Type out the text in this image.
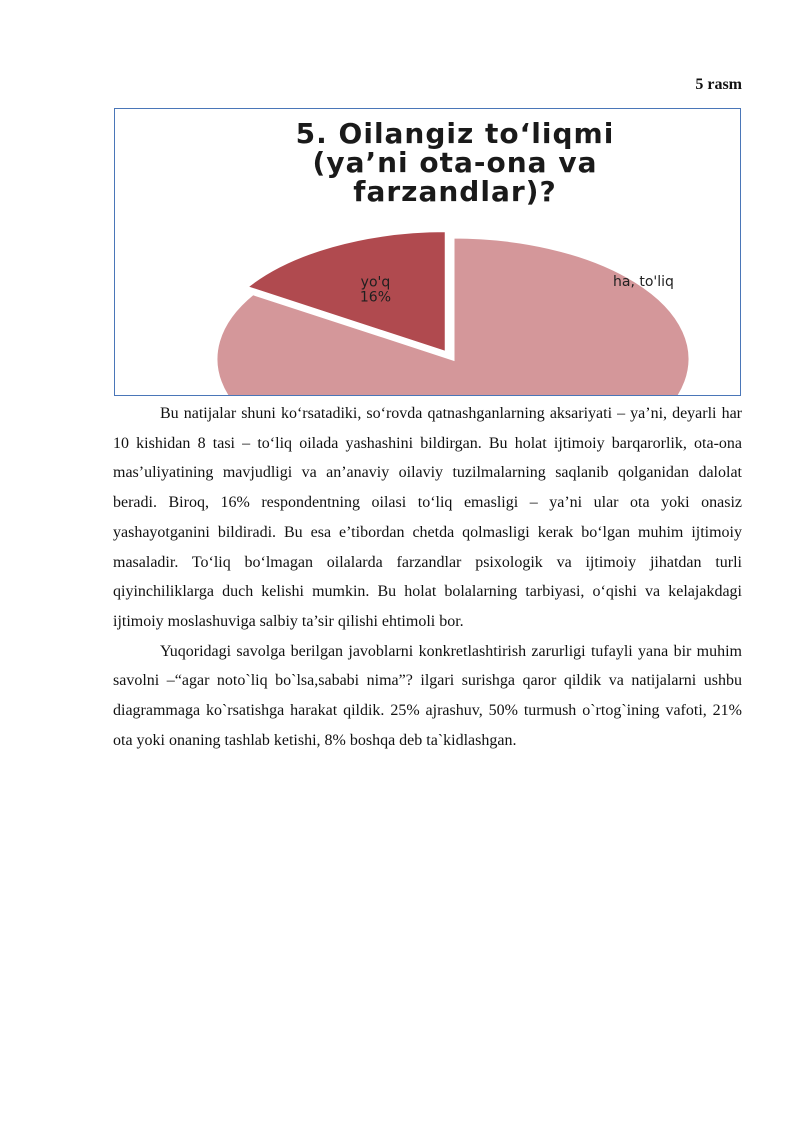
5 rasm
yo'q
16%
5. Oilangiz to‘liqmi (ya’ni ota-ona va farzandlar)?
ha, to'liq

Bu natijalar shuni ko‘rsatadiki, so‘rovda qatnashganlarning aksariyati – ya’ni, deyarli har 10 kishidan 8 tasi – to‘liq oilada yashashini bildirgan. Bu holat ijtimoiy barqarorlik, ota-ona mas’uliyatining mavjudligi va an’anaviy oilaviy tuzilmalarning saqlanib qolganidan dalolat beradi. Biroq, 16% respondentning oilasi to‘liq emasligi – ya’ni ular ota yoki onasiz yashayotganini bildiradi. Bu esa e’tibordan chetda qolmasligi kerak bo‘lgan muhim ijtimoiy masaladir. To‘liq bo‘lmagan oilalarda farzandlar psixologik va ijtimoiy jihatdan turli qiyinchiliklarga duch kelishi mumkin. Bu holat bolalarning tarbiyasi, o‘qishi va kelajakdagi ijtimoiy moslashuviga salbiy ta’sir qilishi ehtimoli bor.

Yuqoridagi savolga berilgan javoblarni konkretlashtirish zarurligi tufayli yana bir muhim savolni –“agar noto`liq bo`lsa,sababi nima”? ilgari surishga qaror qildik va natijalarni ushbu diagrammaga ko`rsatishga harakat qildik. 25% ajrashuv, 50% turmush o`rtog`ining vafoti, 21% ota yoki onaning tashlab ketishi, 8% boshqa deb ta`kidlashgan.
